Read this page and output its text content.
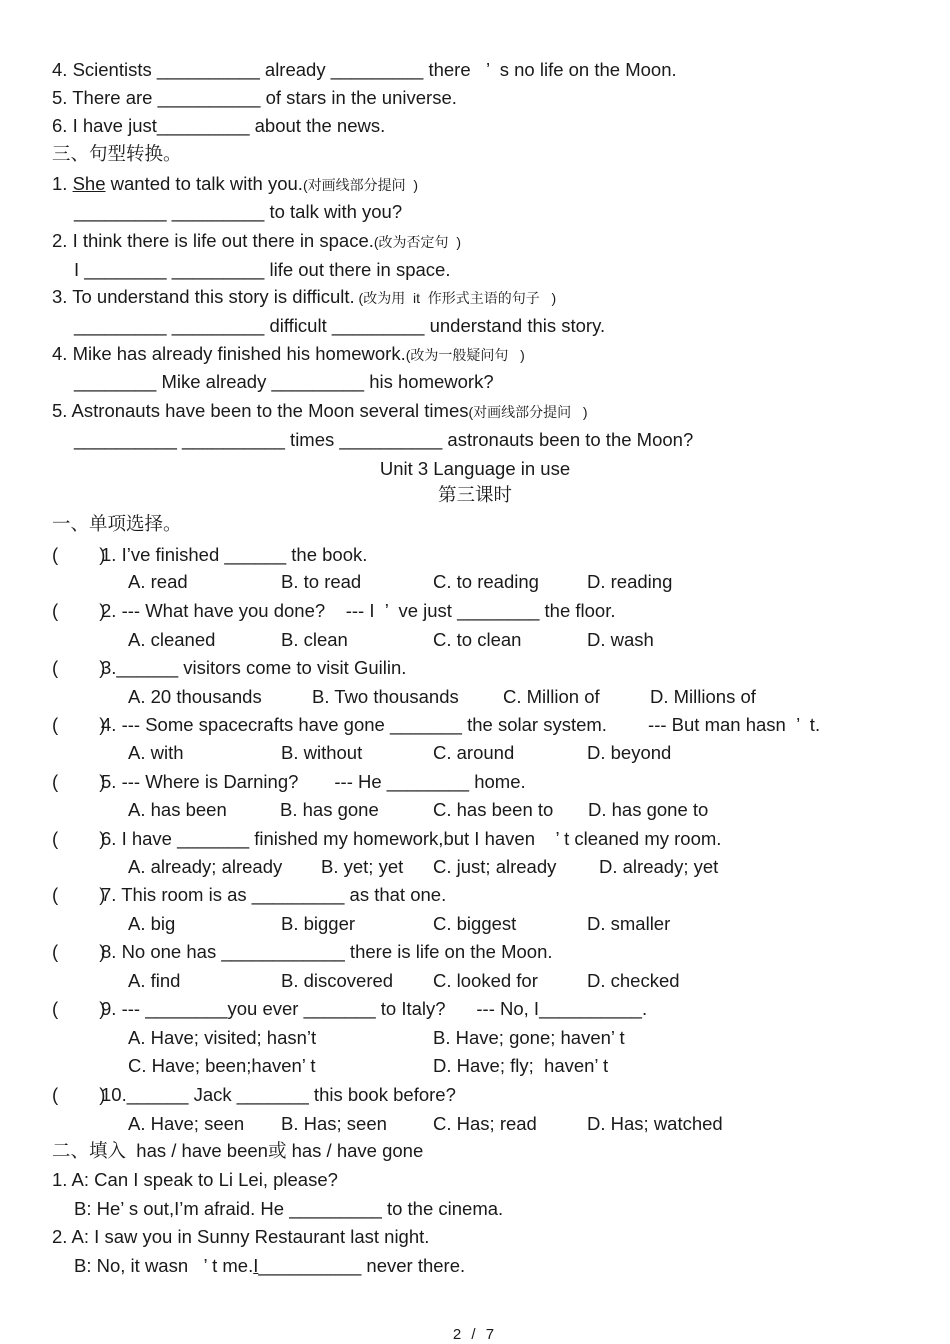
4. Scientists __________ already _________ there   ’  s no life on the Moon.
5. There are __________ of stars in the universe.
6. I have just_________ about the news.
三、句型转换。
1. She wanted to talk with you.(对画线部分提问  )
_________ _________ to talk with you?
2. I think there is life out there in space.(改为否定句  )
I ________ _________ life out there in space.
3. To understand this story is difficult. (改为用  it  作形式主语的句子   )
_________ _________ difficult _________ understand this story.
4. Mike has already finished his homework.(改为一般疑问句   )
________ Mike already _________ his homework?
5. Astronauts have been to the Moon several times(对画线部分提问   )
__________ __________ times __________ astronauts been to the Moon?
Unit 3 Language in use
第三课时
一、单项选择。
(        )
1. I’ve finished ______ the book.
A. read	B. to read	C. to reading	D. reading
(        )
2. --- What have you done?    --- I  ’  ve just ________ the floor.
A. cleaned	B. clean	C. to clean	D. wash
(        )
3.______ visitors come to visit Guilin.
A. 20 thousands	B. Two thousands C. Million of	D. Millions of
(        )
4. --- Some spacecrafts have gone _______ the solar system.        --- But man hasn  ’  t.
A. with	B. without	C. around	D. beyond
(        )
5. --- Where is Darning?       --- He ________ home.
A. has been	B. has gone	C. has been to D. has gone to
(        )
6. I have _______ finished my homework,but I haven    ’ t cleaned my room.
A. already; already B. yet; yet C. just; already D. already; yet
(        )
7. This room is as _________ as that one.
A. big	B. bigger	C. biggest	D. smaller
(        )
8. No one has ____________ there is life on the Moon.
A. find	B. discovered C. looked for	D. checked
(        )
9. --- ________you ever _______ to Italy?      --- No, I__________.
A. Have; visited; hasn’t	B. Have; gone; haven’ t
C. Have; been;haven’ t	D. Have; fly;  haven’ t
(        )
10.______ Jack _______ this book before?
A. Have; seen B. Has; seen C. Has; read	D. Has; watched
二、填入  has / have been或 has / have gone
1. A: Can I speak to Li Lei, please?
B: He’ s out,I’m afraid. He _________ to the cinema.
2. A: I saw you in Sunny Restaurant last night.
B: No, it wasn   ’ t me.I__________ never there.
2 / 7
